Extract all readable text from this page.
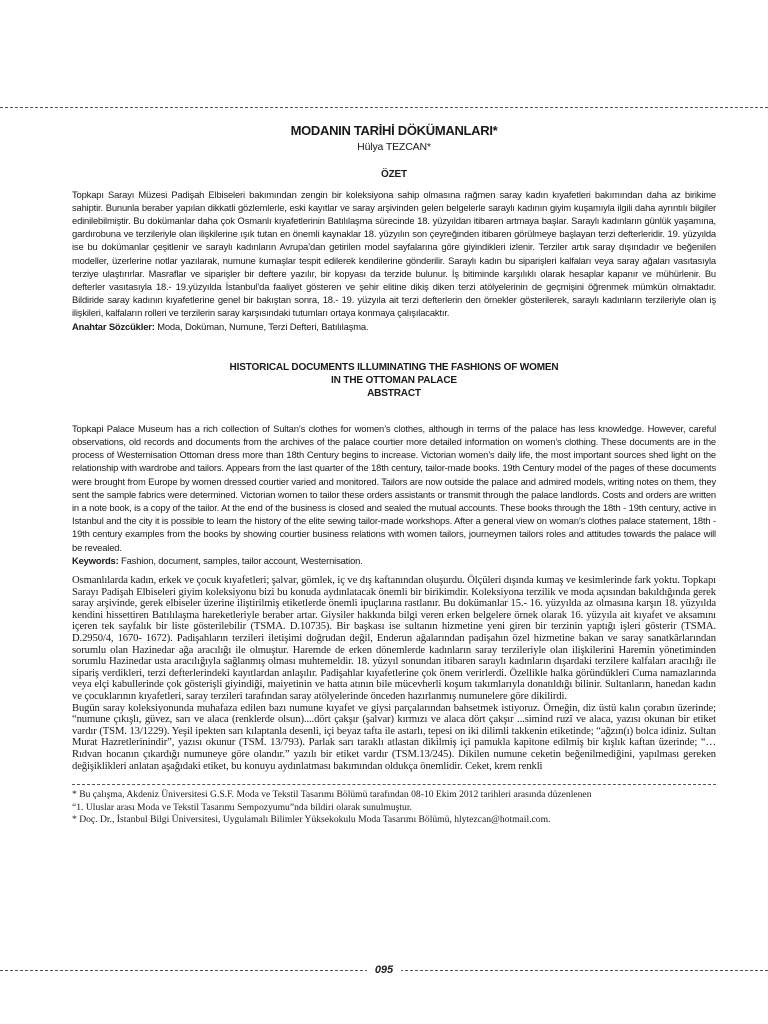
MODANIN TARİHİ DÖKÜMANLARI*
Hülya TEZCAN*
ÖZET

Topkapı Sarayı Müzesi Padişah Elbiseleri bakımından zengin bir koleksiyona sahip olmasına rağmen saray kadın kıyafetleri bakımından daha az birikime sahiptir. Bununla beraber yapılan dikkatli gözlemlerle, eski kayıtlar ve saray arşivinden gelen belgelerle saraylı kadının giyim kuşamıyla ilgili daha ayrıntılı bilgiler edinilebilmiştir. Bu dokümanlar daha çok Osmanlı kıyafetlerinin Batılılaşma sürecinde 18. yüzyıldan itibaren artmaya başlar. Saraylı kadınların günlük yaşamına, gardırobuna ve terzileriyle olan ilişkilerine ışık tutan en önemli kaynaklar 18. yüzyılın son çeyreğinden itibaren görülmeye başlayan terzi defterleridir. 19. yüzyılda ise bu dokümanlar çeşitlenir ve saraylı kadınların Avrupa’dan getirilen model sayfalarına göre giyindikleri izlenir. Terziler artık saray dışındadır ve beğenilen modeller, üzerlerine notlar yazılarak, numune kumaşlar tespit edilerek kendilerine gönderilir. Saraylı kadın bu siparişleri kalfaları veya saray ağaları vasıtasıyla terziye ulaştırırlar. Masraflar ve siparişler bir deftere yazılır, bir kopyası da terzide bulunur. İş bitiminde karşılıklı olarak hesaplar kapanır ve mühürlenir. Bu defterler vasıtasıyla 18.- 19.yüzyılda İstanbul’da faaliyet gösteren ve şehir elitine dikiş diken terzi atölyelerinin de geçmişini öğrenmek mümkün olmaktadır. Bildiride saray kadının kıyafetlerine genel bir bakıştan sonra, 18.- 19. yüzyıla ait terzi defterlerin den örnekler gösterilerek, saraylı kadınların terzileriyle olan iş ilişkileri, kalfaların rolleri ve terzilerin saray karşısındaki tutumları ortaya konmaya çalışılacaktır.

Anahtar Sözcükler: Moda, Doküman, Numune, Terzi Defteri, Batılılaşma.

HISTORICAL DOCUMENTS ILLUMINATING THE FASHIONS OF WOMEN
IN THE OTTOMAN PALACE
ABSTRACT

Topkapi Palace Museum has a rich collection of Sultan’s clothes for women’s clothes, although in terms of the palace has less knowledge. However, careful observations, old records and documents from the archives of the palace courtier more detailed information on women’s clothing. These documents are in the process of Westernisation Ottoman dress more than 18th Century begins to increase. Victorian women’s daily life, the most important sources shed light on the relationship with wardrobe and tailors. Appears from the last quarter of the 18th century, tailor-made books. 19th Century model of the pages of these documents were brought from Europe by women dressed courtier varied and monitored. Tailors are now outside the palace and admired models, writing notes on them, they sent the sample fabrics were determined. Victorian women to tailor these orders assistants or transmit through the palace landlords. Costs and orders are written in a note book, is a copy of the tailor. At the end of the business is closed and sealed the mutual accounts. These books through the 18th - 19th century, active in Istanbul and the city it is possible to learn the history of the elite sewing tailor-made workshops. After a general view on woman’s clothes palace statement, 18th - 19th century examples from the books by showing courtier business relations with women tailors, journeymen tailors roles and attitudes towards the palace will be revealed.

Keywords: Fashion, document, samples, tailor account, Westernisation.

Osmanlılarda kadın, erkek ve çocuk kıyafetleri; şalvar, gömlek, iç ve dış kaftanından oluşurdu. Ölçüleri dışında kumaş ve kesimlerinde fark yoktu. Topkapı Sarayı Padişah Elbiseleri giyim koleksiyonu bizi bu konuda aydınlatacak önemli bir birikimdir. Koleksiyona terzilik ve moda açısından bakıldığında gerek saray arşivinde, gerek elbiseler üzerine iliştirilmiş etiketlerde önemli ipuçlarına rastlanır. Bu dokümanlar 15.- 16. yüzyılda az olmasına karşın 18. yüzyılda kendini hissettiren Batılılaşma hareketleriyle beraber artar. Giysiler hakkında bilgi veren erken belgelere örnek olarak 16. yüzyıla ait kıyafet ve aksamını içeren tek sayfalık bir liste gösterilebilir (TSMA. D.10735). Bir başkası ise sultanın hizmetine yeni giren bir terzinin yaptığı işleri gösterir (TSMA. D.2950/4, 1670- 1672). Padişahların terzileri iletişimi doğrudan değil, Enderun ağalarından padişahın özel hizmetine bakan ve saray sanatkârlarından sorumlu olan Hazinedar ağa aracılığı ile olmuştur. Haremde de erken dönemlerde kadınların saray terzileriyle olan ilişkilerini Haremin yönetiminden sorumlu Hazinedar usta aracılığıyla sağlanmış olması muhtemeldir. 18. yüzyıl sonundan itibaren saraylı kadınların dışardaki terzilere kalfaları aracılığı ile sipariş verdikleri, terzi defterlerindeki kayıtlardan anlaşılır. Padişahlar kıyafetlerine çok önem verirlerdi. Özellikle halka göründükleri Cuma namazlarında veya elçi kabullerinde çok gösterişli giyindiği, maiyetinin ve hatta atının bile mücevherli koşum takımlarıyla donatıldığı bilinir. Sultanların, hanedan kadın ve çocuklarının kıyafetleri, saray terzileri tarafından saray atölyelerinde önceden hazırlanmış numunelere göre dikilirdi.

Bugün saray koleksiyonunda muhafaza edilen bazı numune kıyafet ve giysi parçalarından bahsetmek istiyoruz. Örneğin, diz üstü kalın çorabın üzerinde; “numune çıkışlı, güvez, sarı ve alaca (renklerde olsun)....dört çakşır (şalvar) kırmızı ve alaca dört çakşır ...simind ruzî ve alaca, yazısı okunan bir etiket vardır (TSM. 13/1229). Yeşil ipekten sarı kılaptanla desenli, içi beyaz tafta ile astarlı, tepesi on iki dilimli takkenin etiketinde; “ağzın(ı) bolca idiniz. Sultan Murat Hazretlerinindir”, yazısı okunur (TSM. 13/793). Parlak sarı taraklı atlastan dikilmiş içi pamukla kapitone edilmiş bir kışlık kaftan üzerinde; “…Rıdvan hocanın çıkardığı numuneye göre olandır.” yazılı bir etiket vardır (TSM.13/245). Dikilen numune ceketin beğenilmediğini, yapılması gereken değişiklikleri anlatan aşağıdaki etiket, bu konuyu aydınlatması bakımından oldukça önemlidir. Ceket, krem renkli

* Bu çalışma, Akdeniz Üniversitesi G.S.F. Moda ve Tekstil Tasarımı Bölümü tarafından 08-10 Ekim 2012 tarihleri arasında düzenlenen

“1. Uluslar arası Moda ve Tekstil Tasarımı Sempozyumu”nda bildiri olarak sunulmuştur.

* Doç. Dr., İstanbul Bilgi Üniversitesi, Uygulamalı Bilimler Yüksekokulu Moda Tasarımı Bölümü, hlytezcan@hotmail.com.

095
